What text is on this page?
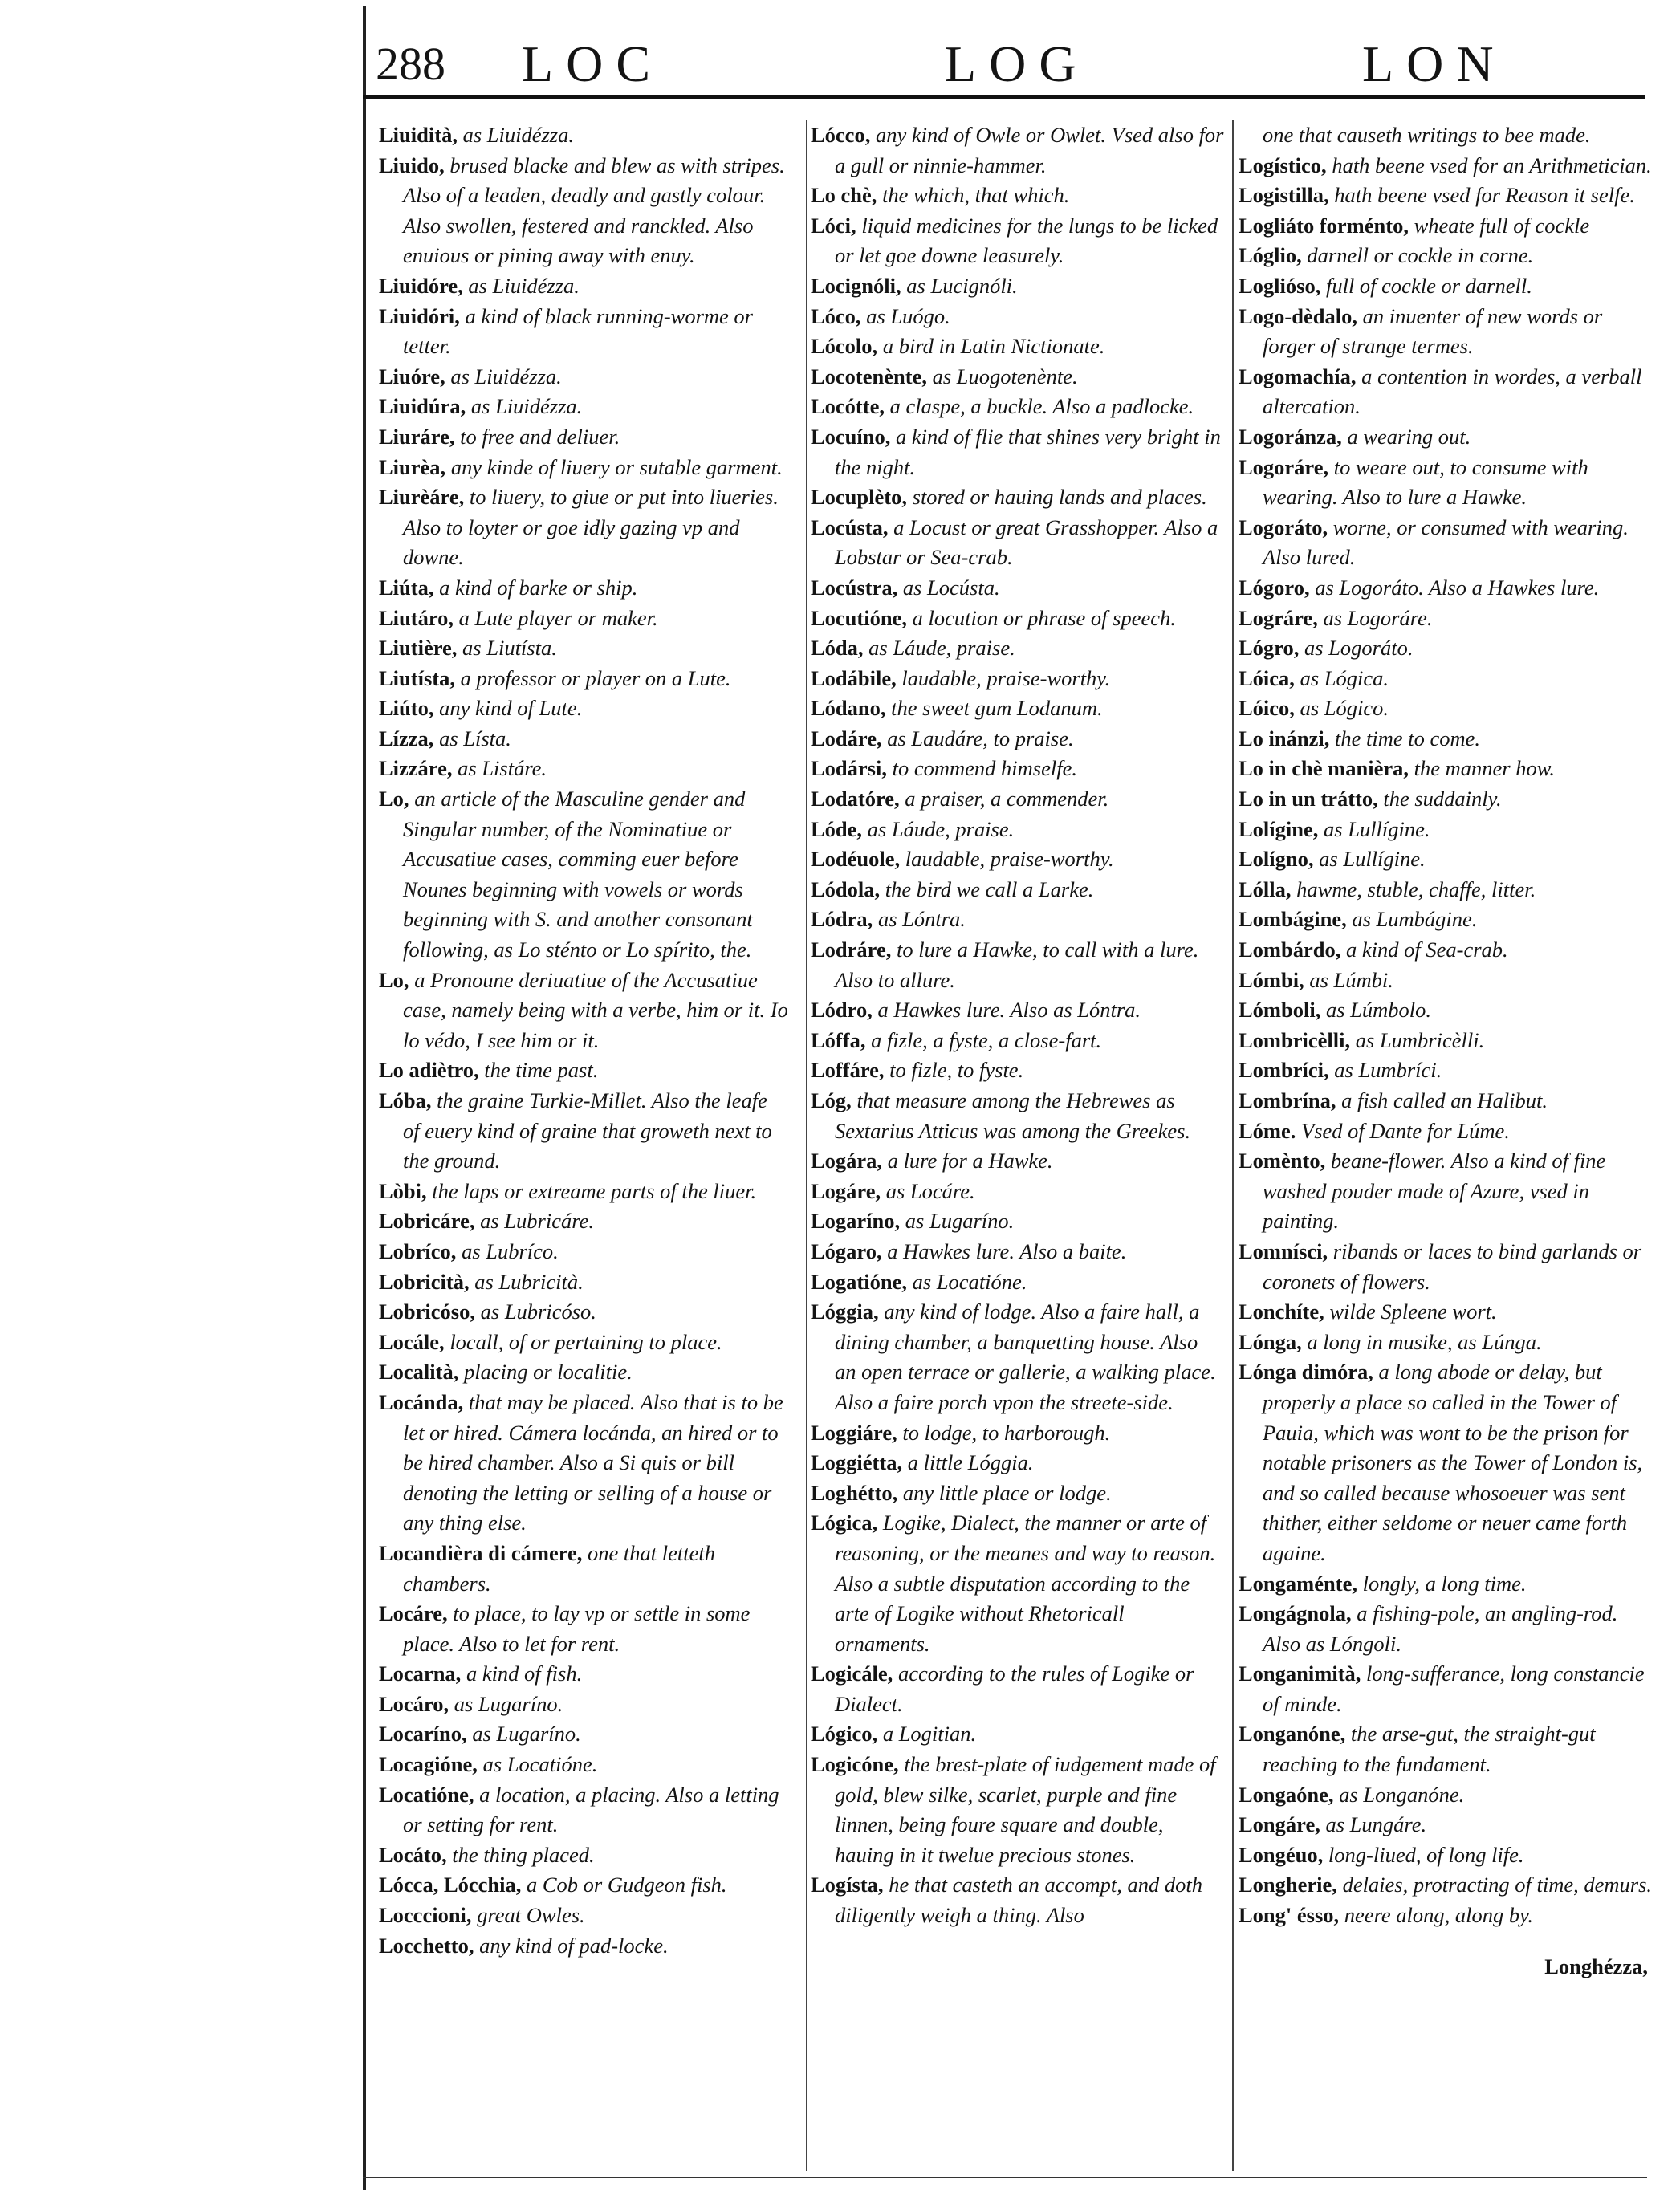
288 LOC	LOG	LON

Liuidità, as Liuidézza.

Liuido, brused blacke and blew as with stripes. Also of a leaden, deadly and gastly colour. Also swollen, festered and ranckled. Also enuious or pining away with enuy.

Liuidóre, as Liuidézza.

Liuidóri, a kind of black running-worme or tetter.

Liuóre, as Liuidézza.

Liuidúra, as Liuidézza.

Liuráre, to free and deliuer.

Liurèa, any kinde of liuery or sutable garment.

Liurèáre, to liuery, to giue or put into liueries. Also to loyter or goe idly gazing vp and downe.

Liúta, a kind of barke or ship.

Liutáro, a Lute player or maker.

Liutière, as Liutísta.

Liutísta, a professor or player on a Lute.

Liúto, any kind of Lute.

Lízza, as Lísta.

Lizzáre, as Listáre.

Lo, an article of the Masculine gender and Singular number, of the Nominatiue or Accusatiue cases, comming euer before Nounes beginning with vowels or words beginning with S. and another consonant following, as Lo sténto or Lo spírito, the.

Lo, a Pronoune deriuatiue of the Accusatiue case, namely being with a verbe, him or it. Io lo védo, I see him or it.

Lo adiètro, the time past.

Lóba, the graine Turkie-Millet. Also the leafe of euery kind of graine that groweth next to the ground.

Lòbi, the laps or extreame parts of the liuer.

Lobricáre, as Lubricáre.

Lobríco, as Lubríco.

Lobricità, as Lubricità.

Lobricóso, as Lubricóso.

Locále, locall, of or pertaining to place.

Località, placing or localitie.

Locánda, that may be placed. Also that is to be let or hired. Cámera locánda, an hired or to be hired chamber. Also a Si quis or bill denoting the letting or selling of a house or any thing else.

Locandièra di cámere, one that letteth chambers.

Locáre, to place, to lay vp or settle in some place. Also to let for rent.

Locarna, a kind of fish.

Locáro, as Lugaríno.

Locaríno, as Lugaríno.

Locagióne, as Locatióne.

Locatióne, a location, a placing. Also a letting or setting for rent.

Locáto, the thing placed.

Lócca, Lócchia, a Cob or Gudgeon fish.

Locccioni, great Owles.

Locchetto, any kind of pad-locke.

Lócco, any kind of Owle or Owlet. Vsed also for a gull or ninnie-hammer.

Lo chè, the which, that which.

Lóci, liquid medicines for the lungs to be licked or let goe downe leasurely.

Locignóli, as Lucignóli.

Lóco, as Luógo.

Lócolo, a bird in Latin Nictionate.

Locotenènte, as Luogotenènte.

Locótte, a claspe, a buckle. Also a padlocke.

Locuíno, a kind of flie that shines very bright in the night.

Locuplèto, stored or hauing lands and places.

Locústa, a Locust or great Grasshopper. Also a Lobstar or Sea-crab.

Locústra, as Locústa.

Locutióne, a locution or phrase of speech.

Lóda, as Láude, praise.

Lodábile, laudable, praise-worthy.

Lódano, the sweet gum Lodanum.

Lodáre, as Laudáre, to praise.

Lodársi, to commend himselfe.

Lodatóre, a praiser, a commender.

Lóde, as Láude, praise.

Lodéuole, laudable, praise-worthy.

Lódola, the bird we call a Larke.

Lódra, as Lóntra.

Lodráre, to lure a Hawke, to call with a lure. Also to allure.

Lódro, a Hawkes lure. Also as Lóntra.

Lóffa, a fizle, a fyste, a close-fart.

Loffáre, to fizle, to fyste.

Lóg, that measure among the Hebrewes as Sextarius Atticus was among the Greekes.

Logára, a lure for a Hawke.

Logáre, as Locáre.

Logaríno, as Lugaríno.

Lógaro, a Hawkes lure. Also a baite.

Logatióne, as Locatióne.

Lóggia, any kind of lodge. Also a faire hall, a dining chamber, a banquetting house. Also an open terrace or gallerie, a walking place. Also a faire porch vpon the streete-side.

Loggiáre, to lodge, to harborough.

Loggiétta, a little Lóggia.

Loghétto, any little place or lodge.

Lógica, Logike, Dialect, the manner or arte of reasoning, or the meanes and way to reason. Also a subtle disputation according to the arte of Logike without Rhetoricall ornaments.

Logicále, according to the rules of Logike or Dialect.

Lógico, a Logitian.

Logicóne, the brest-plate of iudgement made of gold, blew silke, scarlet, purple and fine linnen, being foure square and double, hauing in it twelue precious stones.

Logísta, he that casteth an accompt, and doth diligently weigh a thing. Also

one that causeth writings to bee made.

Logístico, hath beene vsed for an Arithmetician.

Logistilla, hath beene vsed for Reason it selfe.

Logliáto forménto, wheate full of cockle

Lóglio, darnell or cockle in corne.

Loglióso, full of cockle or darnell.

Logo-dèdalo, an inuenter of new words or forger of strange termes.

Logomachía, a contention in wordes, a verball altercation.

Logoránza, a wearing out.

Logoráre, to weare out, to consume with wearing. Also to lure a Hawke.

Logoráto, worne, or consumed with wearing. Also lured.

Lógoro, as Logoráto. Also a Hawkes lure.

Lográre, as Logoráre.

Lógro, as Logoráto.

Lóica, as Lógica.

Lóico, as Lógico.

Lo inánzi, the time to come.

Lo in chè manièra, the manner how.

Lo in un trátto, the suddainly.

Lolígine, as Lullígine.

Lolígno, as Lullígine.

Lólla, hawme, stuble, chaffe, litter.

Lombágine, as Lumbágine.

Lombárdo, a kind of Sea-crab.

Lómbi, as Lúmbi.

Lómboli, as Lúmbolo.

Lombricèlli, as Lumbricèlli.

Lombríci, as Lumbríci.

Lombrína, a fish called an Halibut.

Lóme. Vsed of Dante for Lúme.

Lomènto, beane-flower. Also a kind of fine washed pouder made of Azure, vsed in painting.

Lomnísci, ribands or laces to bind garlands or coronets of flowers.

Lonchíte, wilde Spleene wort.

Lónga, a long in musike, as Lúnga.

Lónga dimóra, a long abode or delay, but properly a place so called in the Tower of Pauia, which was wont to be the prison for notable prisoners as the Tower of London is, and so called because whosoeuer was sent thither, either seldome or neuer came forth againe.

Longaménte, longly, a long time.

Longágnola, a fishing-pole, an angling-rod. Also as Lóngoli.

Longanimità, long-sufferance, long constancie of minde.

Longanóne, the arse-gut, the straight-gut reaching to the fundament.

Longaóne, as Longanóne.

Longáre, as Lungáre.

Longéuo, long-liued, of long life.

Longherie, delaies, protracting of time, demurs.

Long' ésso, neere along, along by.

Longhézza,
